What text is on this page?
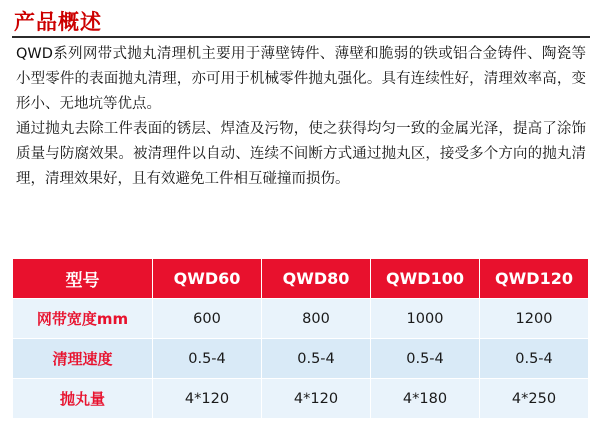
产品概述

QWD系列网带式抛丸清理机主要用于薄壁铸件、薄壁和脆弱的铁或铝合金铸件、陶瓷等小型零件的表面抛丸清理，亦可用于机械零件抛丸强化。具有连续性好，清理效率高，变形小、无地坑等优点。

通过抛丸去除工件表面的锈层、焊渣及污物，使之获得均匀一致的金属光泽，提高了涂饰质量与防腐效果。被清理件以自动、连续不间断方式通过抛丸区，接受多个方向的抛丸清理，清理效果好，且有效避免工件相互碰撞而损伤。

型号	QWD60	QWD80	QWD100	QWD120
网带宽度mm	600	800	1000	1200
清理速度	0.5-4	0.5-4	0.5-4	0.5-4
抛丸量	4*120	4*120	4*180	4*250
